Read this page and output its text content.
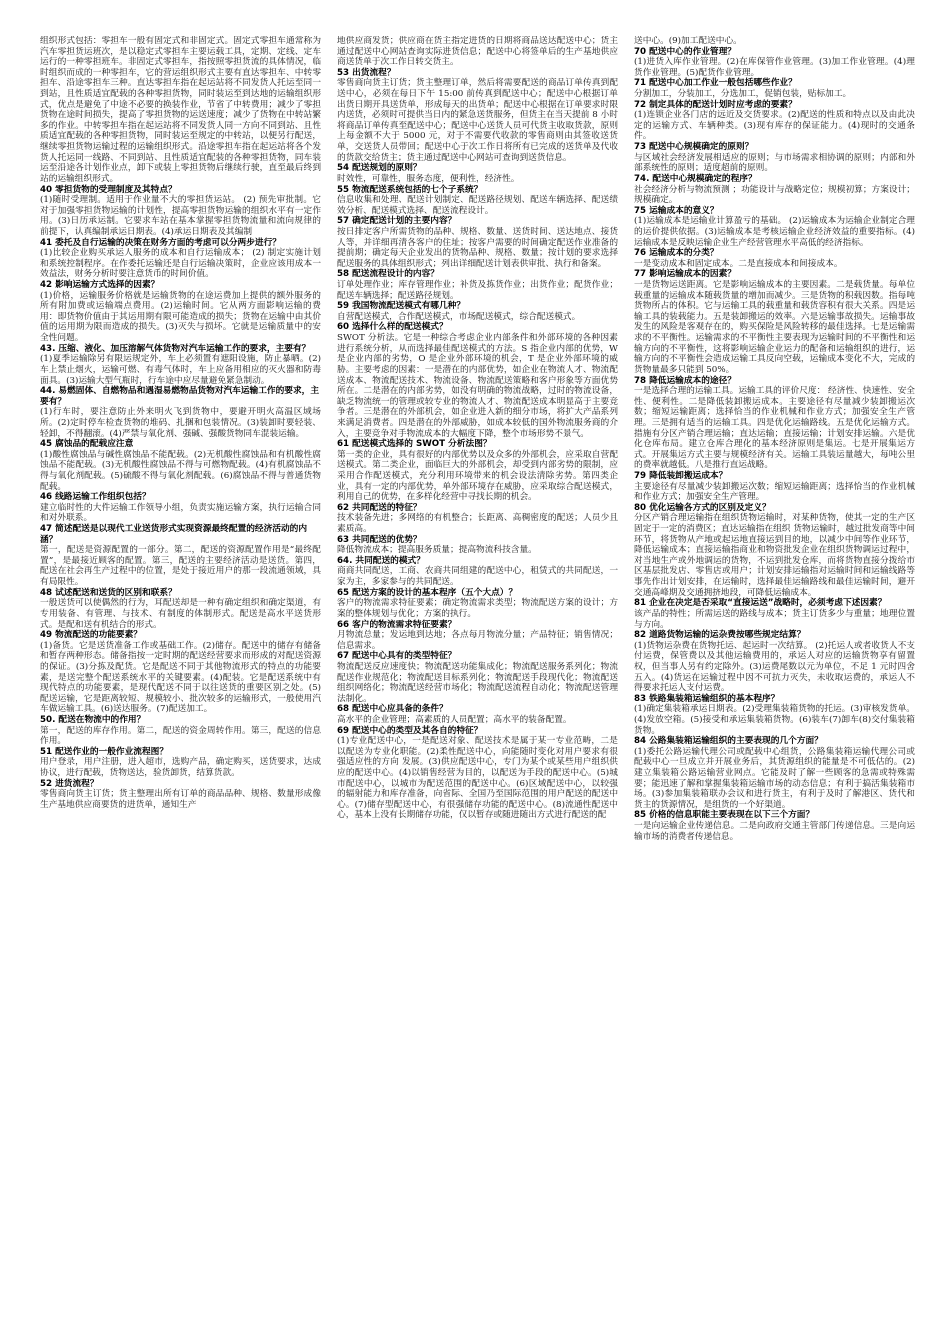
组织形式包括：零担车一般有固定式和非固定式。固定式零担车通常称为汽车零担货运班次，是以稳定式零担车主要运载工具，定期、定线、定车运行的一种零担班车。非固定式零担车，指按照零担货流的具体情况，临时组织而成的一种零担车，它的营运组织形式主要有直达零担车、中转零担车、沿途零担车三种。直达零担车指在起运站将不同发货人托运至同一到站，且性质适宜配载的各种零担货物，同时装运至到达地的运输组织形式，优点是避免了中途不必要的换装作业，节省了中转费用；减少了零担货物在途时间损失，提高了零担货物的运送速度；减少了货物在中转站繁多的作业。中转零担车指在起运站将不同发货人同一方向不同到站、且性质适宜配载的各种零担货物，同时装运至规定的中转站，以便另行配送，继续零担货物运输过程的运输组织形式。沿途零担车指在起运站将各个发货人托运同一线路、不同到站、且性质适宜配装的各种零担货物，同车装运至沿途各计划作业点，卸下或装上零担货物后继续行驶，直至最后终到站的运输组织形式。
40 零担货物的受理制度及其特点？
(1)随时受理制。适用于作业量不大的零担货运站。 (2) 预先审批制。它对于加强零担货物运输的计划性，提高零担货物运输的组织水平有一定作用。(3)日历承运制。它要求车站在基本掌握零担货物流量和流向规律的前提下，认真编制承运日期表。(4)承运日期表及其编制
41 委托及自行运输的决策在财务方面的考虑可以分两步进行？
(1)比较企业购买承运人服务的成本和自行运输成本； (2) 制定实施计划和系统控制程序。在作委托运输还是自行运输决策时，企业应该用成本一效益法，财务分析时要注意货币的时间价值。
42 影响运输方式选择的因素？
(1)价格，运输服务价格就是运输货物的在途运费加上提供的额外服务的所有附加费或运输端点费用。(2)运输时间。它从两方面影响运输的费用：即货物价值由于其运用期有限可能造成的损失；货物在运输中由其价值的运用期为限而造成的损失。(3)灭失与损坏。它就是运输质量中的安全性问题。
43. 压缩、液化、加压溶解气体货物对汽车运输工作的要求，主要有？
(1)夏季运输除另有限运规定外，车上必须置有遮阳设施，防止暴晒。(2)车上禁止烟火，运输可燃、有毒气体时，车上应备用相应的灭火器和防毒面具。(3)运输大型气瓶时，行车途中应尽量避免紧急制动。
44. 易燃固体、自燃物品和遇湿易燃物品货物对汽车运输工作的要求，主要有？
(1)行车时，要注意防止外来明火飞到货物中，要避开明火高温区域场所。(2)定时停车检查货物的堆码、扎捆和包装情况。(3)装卸时要轻装、轻卸，不得翻滚。(4)严禁与氧化剂、强碱、强酸货物同车混装运输。
45 腐蚀品的配载应注意
(1)酸性腐蚀品与碱性腐蚀品不能配载。(2)无机酸性腐蚀品和有机酸性腐蚀品不能配载。(3)无机酸性腐蚀品不得与可燃物配载。(4)有机腐蚀品不得与氧化剂配载。(5)硫酸不得与氧化剂配载。(6)腐蚀品不得与普通货物配载。
46 线路运输工作组织包括？
建立临时性的大件运输工作领导小组，负责实施运输方案，执行运输合同和对外联系。
47 简述配送是以现代工业送货形式实现资源最终配置的经济活动的内涵？
第一，配送是资源配置的一部分。第二，配送的资源配置作用是“最终配置”，是最接近顾客的配置。第三，配送的主要经济活动是送货。第四，配送在社会再生产过程中的位置，是处于接近用户的那一段流通领域，具有局限性。
48 试述配送和送货的区别和联系？
一般送货可以使偶然的行为，耳配送却是一种有确定组织和确定渠道，有专用装备、有管理、与技术、有制度的体制形式。配送是高水平送货形式。是配和送有机结合的形式。
49 物流配送的功能要素？
(1)备货。它是送货准备工作或基础工作。(2)储存。配送中的储存有储备和暂存两种形态。储备指按一定时期的配送经营要求而形成的对配送资源的保证。(3)分拣及配货。它是配送不同于其他物流形式的特点的功能要素，是送完整个配送系统水平的关键要素。(4)配装。它是配送系统中有现代特点的功能要素，是现代配送不同于以往送货的重要区别之处。(5)配送运输，它是距离较短、规模较小、批次较多的运输形式，一般使用汽车做运输工具。(6)送达服务。(7)配送加工。
50. 配送在物流中的作用？
第一，配送的库存作用。第二，配送的资金周转作用。第三，配送的信息作用。
51 配送作业的一般作业流程图？
用户登录，用户注册，进入超市，选购产品，确定购买，送货要求，达成协议，进行配载，货物送达，验货卸货，结算货款。
52 进货流程？
零售商向货主订货；货主整理出所有订单的商品品种、规格、数量形成像生产基地供应商要货的进货单，通知生产
地供应商发货；供应商在货主指定进货的日期将商品送达配送中心；货主通过配送中心网站查询实际进货信息；配送中心将签单后的生产基地供应商送货单于次工作日转交货主。
53 出货流程？
零售商向货主订货；货主整理订单，然后将需要配送的商品订单传真到配送中心，必须在每日下午 15:00 前传真到配送中心；配送中心根据订单出货日期开具送货单，形成每天的出货单；配送中心根据在订单要求时限内送货，必须时可提供当日内的紧急送货服务，但货主在当天提前 8 小时将商品订单传真至配送中心；配送中心送货人员可代货主收取货款，原则上每金额不大于 5000 元，对于不需要代收款的零售商则由其签收送货单，交送货人员带回；配送中心于次工作日将所有已完成的送货单及代收的货款交给货主；货主通过配送中心网站可查询到送货信息。
54 配送规划的原则？
时效性，可靠性，服务态度，便利性，经济性。
55 物流配送系统包括的七个子系统？
信息收集和处理、配送计划制定、配送路径规划、配送车辆选择、配送绩效分析、配送模式选择、配送流程设计。
57 确定配送计划的主要内容？
按日排定客户所需货物的品种、规格、数量、送货时间、送达地点、接货人等，并详细再清各客户的住址；按客户需要的时间确定配送作业准备的提前期；确定每天企业发出的货物品种、规格、数量；按计划的要求选择配送服务的具体组织形式；列出详细配送计划表供审批、执行和备案。
58 配送流程设计的内容？
订单处理作业；库存管理作业；补货及拣货作业；出货作业；配货作业；配送车辆选择；配送路径规划。
59 我国物流配送模式有哪几种？
自营配送模式，合作配送模式，市场配送模式，综合配送模式。
60 选择什么样的配送模式？
SWOT 分析法。它是一种综合考虑企业内部条件和外部环境的各种因素进行系统分析，从而选择最佳配送模式的方法。S 指企业内部的优势，W 是企业内部的劣势，O 是企业外部环境的机会，T 是企业外部环境的威胁。主要考虑的因素：一是潜在的内部优势，如企业在物流人才、物流配送成本、物流配送技术、物流设备、物流配送策略和客户形象等方面优势所在。二是潜在的内部劣势，如没有明确的物流战略，过时的物流设备，缺乏物流统一的管理或较专业的物流人才、物流配送成本明显高于主要竞争者。三是潜在的外部机会，如企业进入新的细分市场，将扩大产品系列来满足消费者。四是潜在的外部威胁，如成本较低的国外物流服务商的介入，主要竞争对手物流成本的大幅度下降，整个市场形势不景气。
61 配送模式选择的 SWOT 分析法图？
第一类的企业，具有很好的内部优势以及众多的外部机会，应采取自营配送模式。第二类企业，面临巨大的外部机会，却受到内部劣势的限制，应采用合作配送模式，充分利用环境带来的机会设法清除劣势。第四类企业，具有一定的内部优势，单外部环境存在威胁，应采取综合配送模式，利用自己的优势，在多样化经营中寻找长期的机会。
62 共同配送的特征？
技术装备先进；多网络的有机整合；长距离、高稠密度的配送；人员少且素质高。
63 共同配送的优势？
降低物流成本；提高服务质量；提高物流科技含量。
64. 共同配送的模式？
商商共同配送，工商、农商共同组建的配送中心，租赁式的共同配送，一家为主，多家参与的共同配送。
65 配送方案的设计的基本程序（五个大点）？
客户的物流需求特征要素；确定物流需求类型；物流配送方案的设计；方案的整体规划与优化；方案的执行。
66 客户的物流需求特征要素？
月物流总量；发运地到达地；各点每月物流分量；产品特征；销售情况；信息需求。
67 配送中心具有的类型特征？
物流配送反应速度快；物流配送功能集成化；物流配送服务系列化；物流配送作业规范化；物流配送目标系列化；物流配送手段现代化；物流配送组织网络化；物流配送经营市场化；物流配送流程自动化；物流配送管理法制化。
68 配送中心应具备的条件？
高水平的企业管理；高素质的人员配置；高水平的装备配置。
69 配送中心的类型及其各自的特征？
(1)专业配送中心，一是配送对象、配送技术是属于某一专业范畴，二是以配送为专业化职能。(2)柔性配送中心，向能随时变化对用户要求有很强适应性的方向 发展。(3)供应配送中心，专门为某个或某些用户组织供应的配送中心。(4)以销售经营为目的，以配送为手段的配送中心。(5)城市配送中心，以城市为配送范围的配送中心。(6)区域配送中心，以较强的辐射能力和库存准备，向省际、全国乃至国际范围的用户配送的配送中心。(7)储存型配送中心，有很强储存功能的配送中心。(8)流通性配送中心，基本上没有长期储存功能，仅以暂存或随进随出方式进行配送的配
送中心。(9)加工配送中心。
70 配送中心的作业管理？
(1)进货入库作业管理。(2)在库保管作业管理。(3)加工作业管理。(4)理货作业管理。(5)配货作业管理。
71 配送中心加工作业一般包括哪些作业？
分割加工，分装加工，分选加工，促销包装，贴标加工。
72 制定具体的配送计划时应考虑的要素？
(1)连锁企业各门店的远近及交货要求。(2)配送的性质和特点以及由此决定的运输方式、车辆种类。(3)现有库存的保证能力。(4)现时的交通条件。
73 配送中心规模确定的原则？
与区域社会经济发展相适应的原则；与市场需求相协调的原则；内部和外部系统性的原则；适度超前的原则。
74. 配送中心规模确定的程序？
社会经济分析与物流预测 ；功能设计与战略定位；规模初算；方案设计；规模确定。
75 运输成本的意义？
(1)运输成本是运输业计算盈亏的基础。 (2)运输成本为运输企业制定合理的运价提供依据。(3)运输成本是考核运输企业经济效益的重要指标。(4)运输成本是反映运输企业生产经营管理水平高低的经济指标。
76 运输成本的分类？
一是变动成本和固定成本。二是直接成本和间接成本。
77 影响运输成本的因素？
一是货物运送距离。它是影响运输成本的主要因素。二是载货量。每单位载重量的运输成本随载货量的增加而减少。三是货物的积载因数。指每吨货物所占的体积。它与运输工具的载重量和载货容积有很大关系。四是运输工具的装载能力。五是装卸搬运的效率。六是运输事故损失。运输事故发生的风险是客观存在的，购买保险是风险转移的最佳选择。七是运输需求的不平衡性。运输需求的不平衡性主要表现为运输时间的不平衡性和运输方向的不平衡性，这将影响运输企业运力的配备和运输组织的进行，运输方向的不平衡性会造成运输工具反向空载，运输成本变化不大，完成的货物量最多只能到 50%。
78 降低运输成本的途径？
一是选择合理的运输工具。运输工具的评价尺度： 经济性、快速性、安全性、便利性。二是降低装卸搬运成本。主要途径有尽量减少装卸搬运次数；缩短运输距离；选择恰当的作业机械和作业方式；加强安全生产管理。三是拥有适当的运输工具。四是优化运输路线。五是优化运输方式。措施有分区产销合理运输；直达运输；直接运输；计划安排运输。六是优化仓库布局。建立仓库合理化的基本经济原则是集运。七是开展集运方式。开展集运方式主要与规模经济有关。运输工具装运量越大，每吨公里的费率就越低。八是推行直运战略。
79 降低装卸搬运成本？
主要途径有尽量减少装卸搬运次数；缩短运输距离；选择恰当的作业机械和作业方式；加强安全生产管理。
80 优化运输各方式的区别及定义？
分区产销合理运输指在组织货物运输时，对某种货物，使其一定的生产区固定于一定的消费区；直达运输指在组织 货物运输时，越过批发商等中间环节，将货物从产地或起运地直接运到目的地，以减少中间等作业环节，降低运输成本；直接运输指商业和物资批发企业在组织货物调运过程中，对当地生产或外地调运的货物，不运到批发仓库，而将货物直接分拨给市区基层批发店、零售店或用户；计划安排运输指对运输时间和运输线路等事先作出计划安排，在运输时，选择最佳运输路线和最佳运输时间，避开交通高峰期及交通拥挤地段，可降低运输成本。
81 企业在决定是否采取“直接运送”战略时，必须考虑下述因素？
该产品的特性；所需运送的路线与成本；货主订货多少与重量；地理位置与方向。
82 道路货物运输的运杂费按哪些规定结算？
(1)货物运杂费在货物托运、起运时一次结算。 (2)托运人或者收货人不支付运费，保管费以及其他运输费用的，承运人对应的运输货物享有留置权，但当事人另有约定除外。(3)运费尾数以元为单位，不足 1 元时四舍五入。(4)货运在运输过程中因不可抗力灭失，未收取运费的，承运人不得要求托运人支付运费。
83 铁路集装箱运输组织的基本程序？
(1)确定集装箱承运日期表。(2)受理集装箱货物的托运。(3)审核发货单。(4)发放空箱。(5)接受和承运集装箱货物。(6)装车(7)卸车(8)交付集装箱货物。
84 公路集装箱运输组织的主要表现的几个方面？
(1)委托公路运输代理公司或配载中心组货，公路集装箱运输代理公司或配载中心一旦成立并开展业务后，其货源组织的能量是不可低估的。(2)建立集装箱公路运输营业网点。它能及时了解一些顾客的急需或特殊需要；能迅速了解和掌握集装箱运输市场的动态信息；有利于搞活集装箱市场。(3)参加集装箱联办会议和进行货主，有利于及时了解港区、货代和货主的货源情况，是组货的一个好渠道。
85 价格的信息职能主要表现在以下三个方面？
一是向运输企业传递信息。二是向政府交通主管部门传递信息。三是向运输市场的消费者传递信息。
